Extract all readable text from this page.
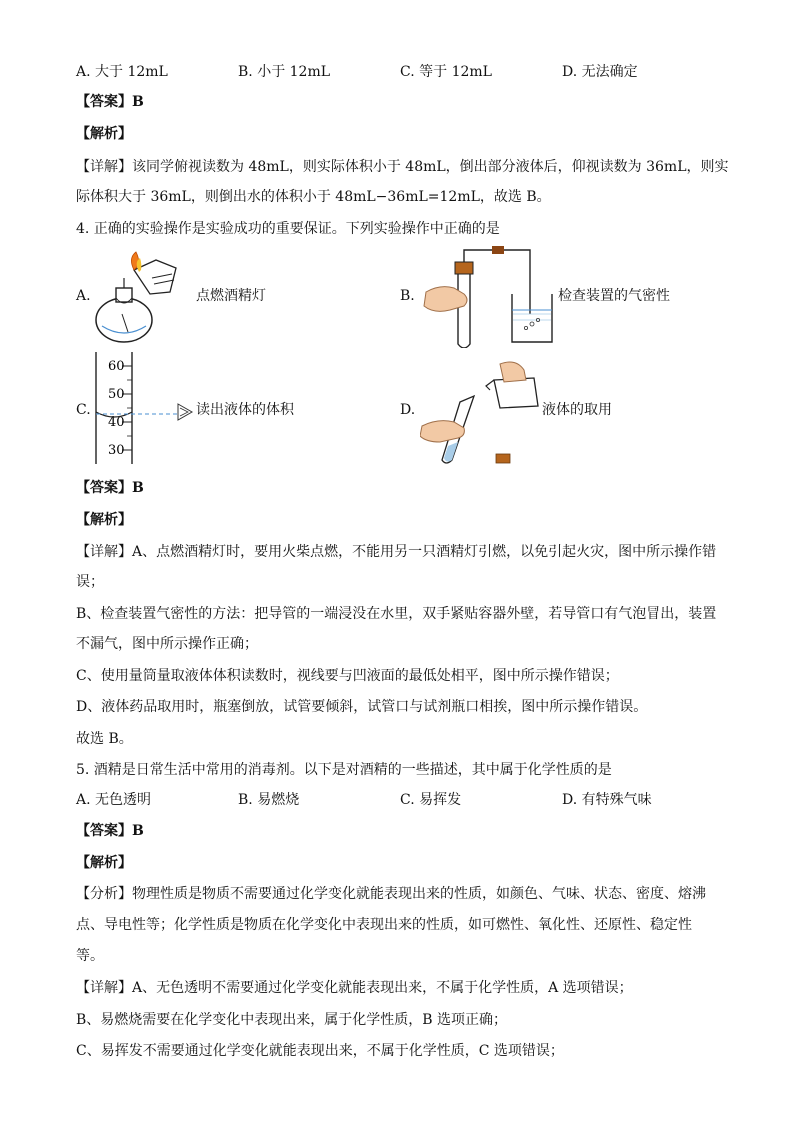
A. 大于 12mL	B. 小于 12mL	C. 等于 12mL	D. 无法确定
【答案】B
【解析】
【详解】该同学俯视读数为 48mL，则实际体积小于 48mL，倒出部分液体后，仰视读数为 36mL，则实
际体积大于 36mL，则倒出水的体积小于 48mL−36mL=12mL，故选 B。
4. 正确的实验操作是实验成功的重要保证。下列实验操作中正确的是
A.	点燃酒精灯	B.	检查装置的气密性
C.
60
50
40
30
读出液体的体积	D.	液体的取用
【答案】B
【解析】
【详解】A、点燃酒精灯时，要用火柴点燃，不能用另一只酒精灯引燃，以免引起火灾，图中所示操作错
误；
B、检查装置气密性的方法：把导管的一端浸没在水里，双手紧贴容器外壁，若导管口有气泡冒出，装置
不漏气，图中所示操作正确；
C、使用量筒量取液体体积读数时，视线要与凹液面的最低处相平，图中所示操作错误；
D、液体药品取用时，瓶塞倒放，试管要倾斜，试管口与试剂瓶口相挨，图中所示操作错误。
故选 B。
5. 酒精是日常生活中常用的消毒剂。以下是对酒精的一些描述，其中属于化学性质的是
A. 无色透明	B. 易燃烧	C. 易挥发	D. 有特殊气味
【答案】B
【解析】
【分析】物理性质是物质不需要通过化学变化就能表现出来的性质，如颜色、气味、状态、密度、熔沸
点、导电性等；化学性质是物质在化学变化中表现出来的性质，如可燃性、氧化性、还原性、稳定性
等。
【详解】A、无色透明不需要通过化学变化就能表现出来，不属于化学性质，A 选项错误；
B、易燃烧需要在化学变化中表现出来，属于化学性质，B 选项正确；
C、易挥发不需要通过化学变化就能表现出来，不属于化学性质，C 选项错误；
